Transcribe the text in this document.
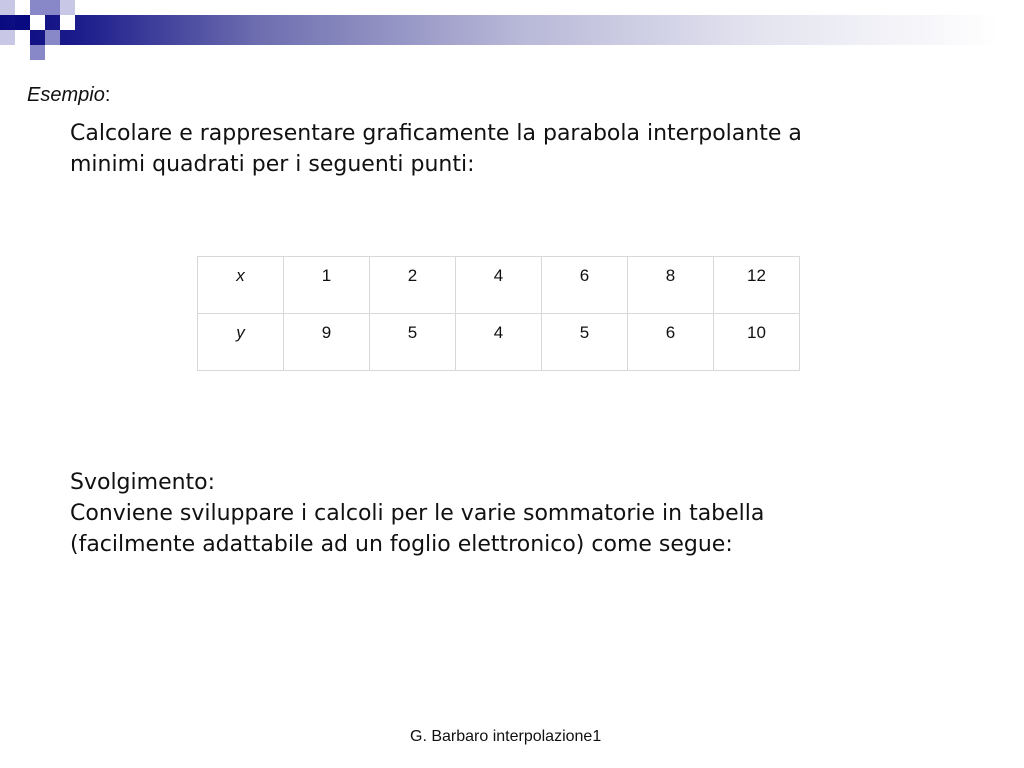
Esempio:

Calcolare e rappresentare graficamente la parabola interpolante a
minimi quadrati per i seguenti punti:
x	1	2	4	6	8	12
y	9	5	4	5	6	10
Svolgimento:
Conviene sviluppare i calcoli per le varie sommatorie in tabella
(facilmente adattabile ad un foglio elettronico) come segue:
G. Barbaro interpolazione1
